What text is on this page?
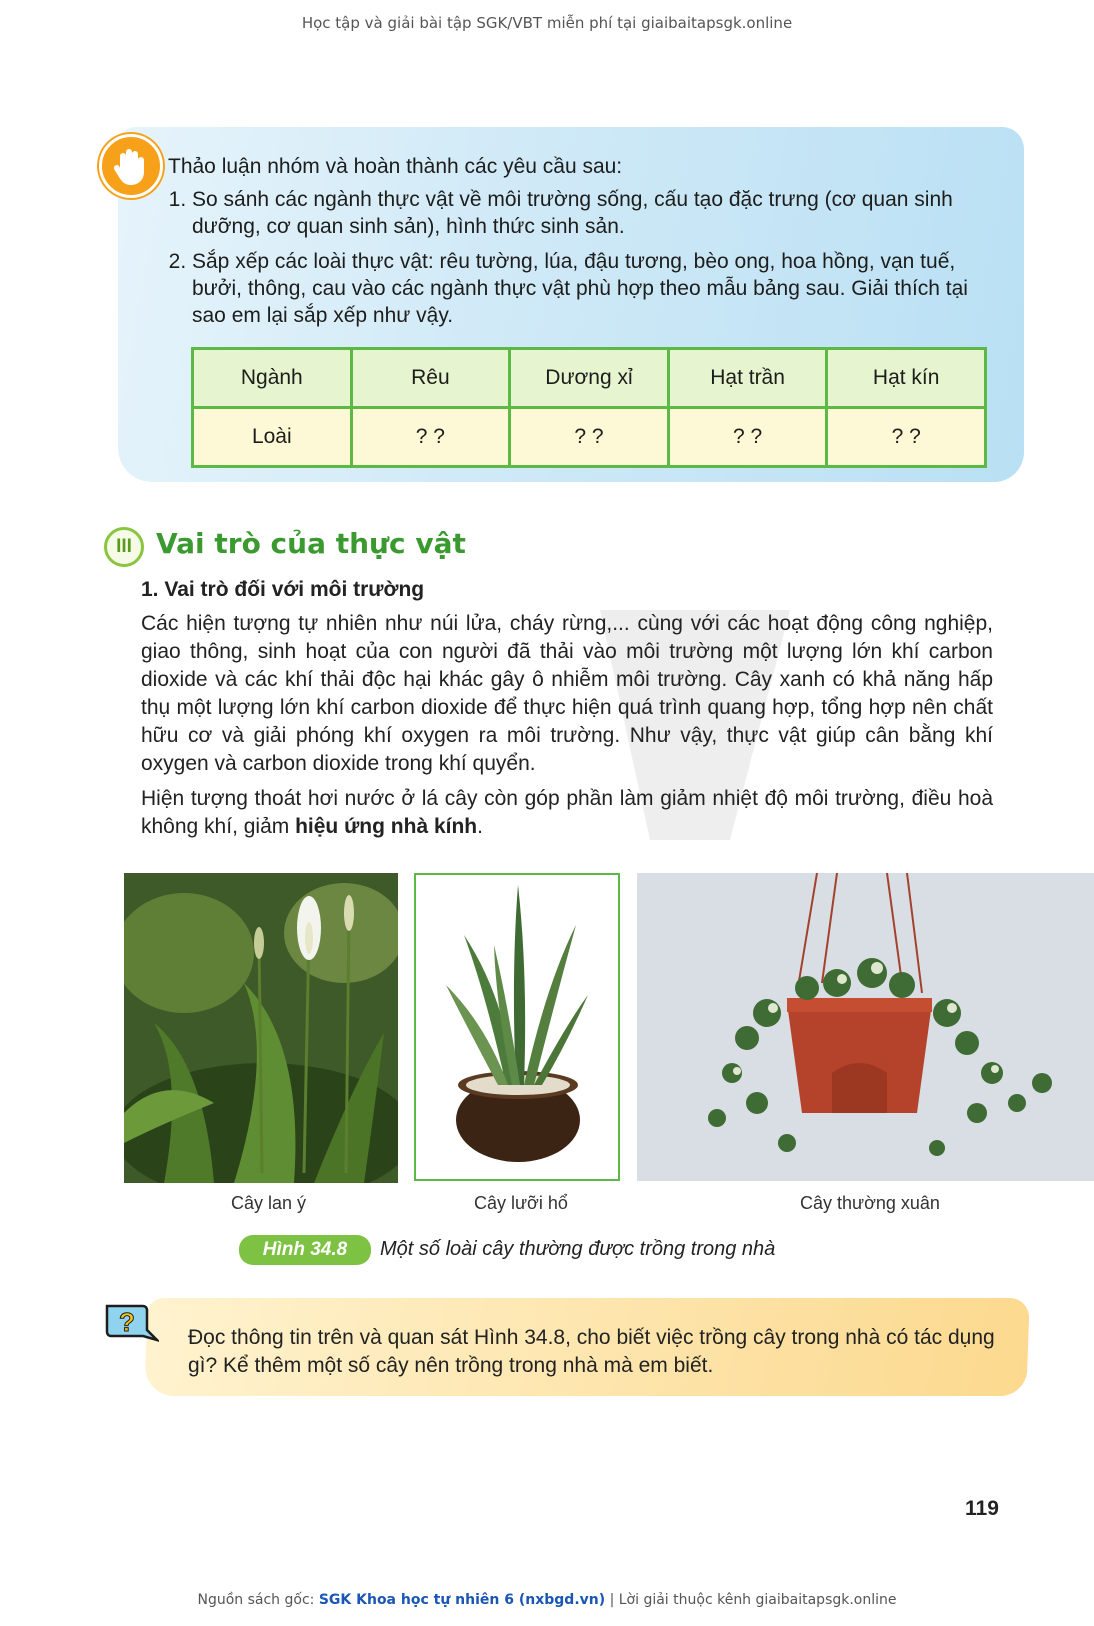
Học tập và giải bài tập SGK/VBT miễn phí tại giaibaitapsgk.online

Thảo luận nhóm và hoàn thành các yêu cầu sau:

1. So sánh các ngành thực vật về môi trường sống, cấu tạo đặc trưng (cơ quan sinh dưỡng, cơ quan sinh sản), hình thức sinh sản.
2. Sắp xếp các loài thực vật: rêu tường, lúa, đậu tương, bèo ong, hoa hồng, vạn tuế, bưởi, thông, cau vào các ngành thực vật phù hợp theo mẫu bảng sau. Giải thích tại sao em lại sắp xếp như vậy.
Ngành	Rêu	Dương xỉ	Hạt trần	Hạt kín
Loài	? ?	? ?	? ?	? ?
III Vai trò của thực vật
1. Vai trò đối với môi trường
Các hiện tượng tự nhiên như núi lửa, cháy rừng,... cùng với các hoạt động công nghiệp, giao thông, sinh hoạt của con người đã thải vào môi trường một lượng lớn khí carbon dioxide và các khí thải độc hại khác gây ô nhiễm môi trường. Cây xanh có khả năng hấp thụ một lượng lớn khí carbon dioxide để thực hiện quá trình quang hợp, tổng hợp nên chất hữu cơ và giải phóng khí oxygen ra môi trường. Như vậy, thực vật giúp cân bằng khí oxygen và carbon dioxide trong khí quyển.
Hiện tượng thoát hơi nước ở lá cây còn góp phần làm giảm nhiệt độ môi trường, điều hoà không khí, giảm hiệu ứng nhà kính.
Cây lan ý	Cây lưỡi hổ	Cây thường xuân
Hình 34.8	Một số loài cây thường được trồng trong nhà
?
Đọc thông tin trên và quan sát Hình 34.8, cho biết việc trồng cây trong nhà có tác dụng gì? Kể thêm một số cây nên trồng trong nhà mà em biết.
119
Nguồn sách gốc: SGK Khoa học tự nhiên 6 (nxbgd.vn) | Lời giải thuộc kênh giaibaitapsgk.online
